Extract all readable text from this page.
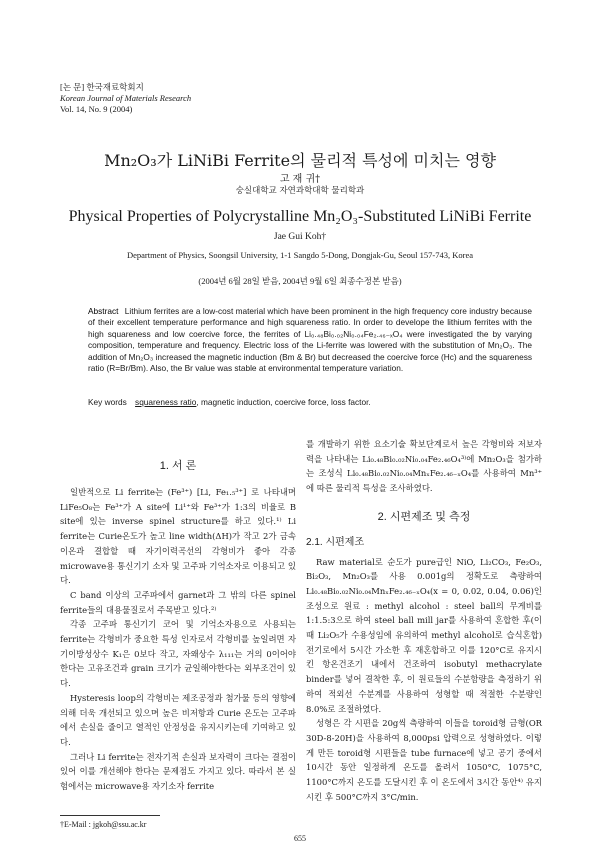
[논 문] 한국재료학회지
Korean Journal of Materials Research
Vol. 14, No. 9 (2004)
Mn₂O₃가 LiNiBi Ferrite의 물리적 특성에 미치는 영향
고 재 귀†
숭실대학교 자연과학대학 물리학과
Physical Properties of Polycrystalline Mn₂O₃-Substituted LiNiBi Ferrite
Jae Gui Koh†
Department of Physics, Soongsil University, 1-1 Sangdo 5-Dong, Dongjak-Gu, Seoul 157-743, Korea
(2004년 6월 28일 받음, 2004년 9월 6일 최종수정본 받음)
Abstract Lithium ferrites are a low-cost material which have been prominent in the high frequency core industry because of their excellent temperature performance and high squareness ratio. In order to develope the lithium ferrites with the high squareness and low coercive force, the ferrites of Li₀.₄₈Bi₀.₀₂Ni₀.₀₄Fe₂.₄₆₋ₓO₄ were investigated the by varying composition, temperature and frequency. Electric loss of the Li-ferrite was lowered with the substitution of Mn₂O₃. The addition of Mn₂O₃ increased the magnetic induction (Bm & Br) but decreased the coercive force (Hc) and the squareness ratio (R=Br/Bm). Also, the Br value was stable at environmental temperature variation.
Key words squareness ratio, magnetic induction, coercive force, loss factor.
1. 서 론

일반적으로 Li ferrite는 (Fe³⁺) [Li, Fe₁.₅³⁺] 로 나타내며 LiFe₅O₈는 Fe³⁺가 A site에 Li¹⁺와 Fe³⁺가 1:3의 비율로 B site에 있는 inverse spinel structure를 하고 있다.¹⁾ Li ferrite는 Curie온도가 높고 line width(ΔH)가 작고 2가 금속이온과 결합할 때 자기이력곡선의 각형비가 좋아 각종 microwave용 통신기기 소자 및 고주파 기억소자로 이용되고 있다.

C band 이상의 고주파에서 garnet과 그 밖의 다른 spinel ferrite들의 대용물질로서 주목받고 있다.²⁾

각종 고주파 통신기기 코어 및 기억소자용으로 사용되는 ferrite는 각형비가 중요한 특성 인자로서 각형비를 높일려면 자기이방성상수 K₁은 0보다 작고, 자왜상수 λ₁₁₁는 거의 0이어야 한다는 고유조건과 grain 크기가 균일해야한다는 외부조건이 있다.

Hysteresis loop의 각형비는 제조공정과 첨가물 등의 영향에 의해 더욱 개선되고 있으며 높은 비저항과 Curie 온도는 고주파에서 손실을 줄이고 열적인 안정성을 유지시키는데 기여하고 있다.

그러나 Li ferrite는 전자기적 손실과 보자력이 크다는 결점이 있어 이를 개선해야 한다는 문제점도 가지고 있다. 따라서 본 실험에서는 microwave용 자기소자 ferrite

를 개발하기 위한 요소기술 확보단계로서 높은 각형비와 저보자력을 나타내는 Li₀.₄₈Bi₀.₀₂Ni₀.₀₄Fe₂.₄₆O₄³⁾에 Mn₂O₃을 첨가하는 조성식 Li₀.₄₈Bi₀.₀₂Ni₀.₀₄MnₓFe₂.₄₆₋ₓO₄를 사용하여 Mn³⁺에 따른 물리적 특성을 조사하였다.

2. 시편제조 및 측정
2.1. 시편제조

Raw material로 순도가 pure급인 NiO, Li₂CO₃, Fe₂O₃, Bi₂O₃, Mn₂O₃를 사용 0.001g의 정확도로 측량하여 Li₀.₄₈Bi₀.₀₂Ni₀.₀₄MnₓFe₂.₄₆₋ₓO₄(x = 0, 0.02, 0.04, 0.06)인 조성으로 원료 : methyl alcohol : steel ball의 무게비를 1:1.5:3으로 하여 steel ball mill jar를 사용하여 혼합한 후(이때 Li₂O₅가 수용성임에 유의하여 methyl alcohol로 습식혼합) 전기로에서 5시간 가소한 후 재혼합하고 이를 120°C로 유지시킨 항온건조기 내에서 건조하여 isobutyl methacrylate binder를 넣어 결착한 후, 이 원료들의 수분함량을 측정하기 위하여 적외선 수분계를 사용하여 성형할 때 적절한 수분량인 8.0%로 조절하였다.

성형은 각 시편을 20g씩 측량하여 이들을 toroid형 금형(OR 30D-8-20H)을 사용하여 8,000psi 압력으로 성형하였다. 이렇게 만든 toroid형 시편들을 tube furnace에 넣고 공기 중에서 10시간 동안 일정하게 온도를 올려서 1050°C, 1075°C, 1100°C까지 온도를 도달시킨 후 이 온도에서 3시간 동안⁴⁾ 유지시킨 후 500°C까지 3°C/min.

†E-Mail : jgkoh@ssu.ac.kr
655
